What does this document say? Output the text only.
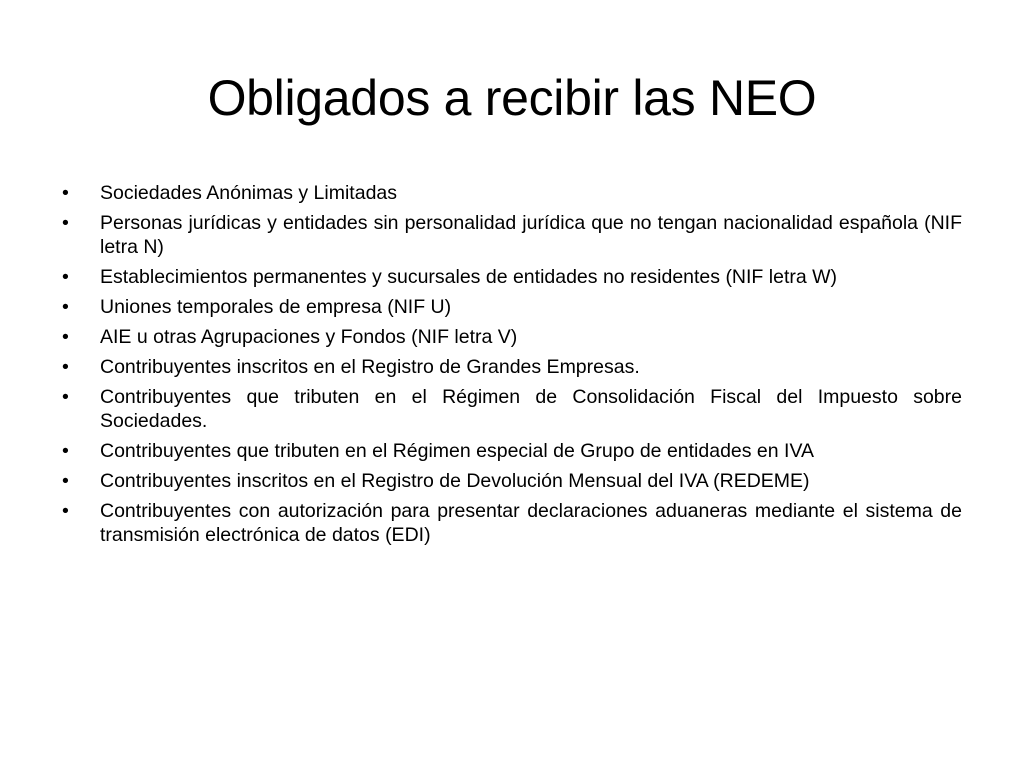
Obligados a recibir las NEO
•	Sociedades Anónimas y Limitadas
•	Personas jurídicas y entidades sin personalidad jurídica que no tengan nacionalidad española (NIF letra N)
•	Establecimientos permanentes y sucursales de entidades no residentes (NIF letra W)
•	Uniones temporales de empresa (NIF U)
•	AIE u otras Agrupaciones y Fondos (NIF letra V)
•	Contribuyentes inscritos en el Registro de Grandes Empresas.
•	Contribuyentes que tributen en el Régimen de Consolidación Fiscal del Impuesto sobre Sociedades.
•	Contribuyentes que tributen en el Régimen especial de Grupo de entidades en IVA
•	Contribuyentes inscritos en el Registro de Devolución Mensual del IVA (REDEME)
•	Contribuyentes con autorización para presentar declaraciones aduaneras mediante el sistema de transmisión electrónica de datos (EDI)
